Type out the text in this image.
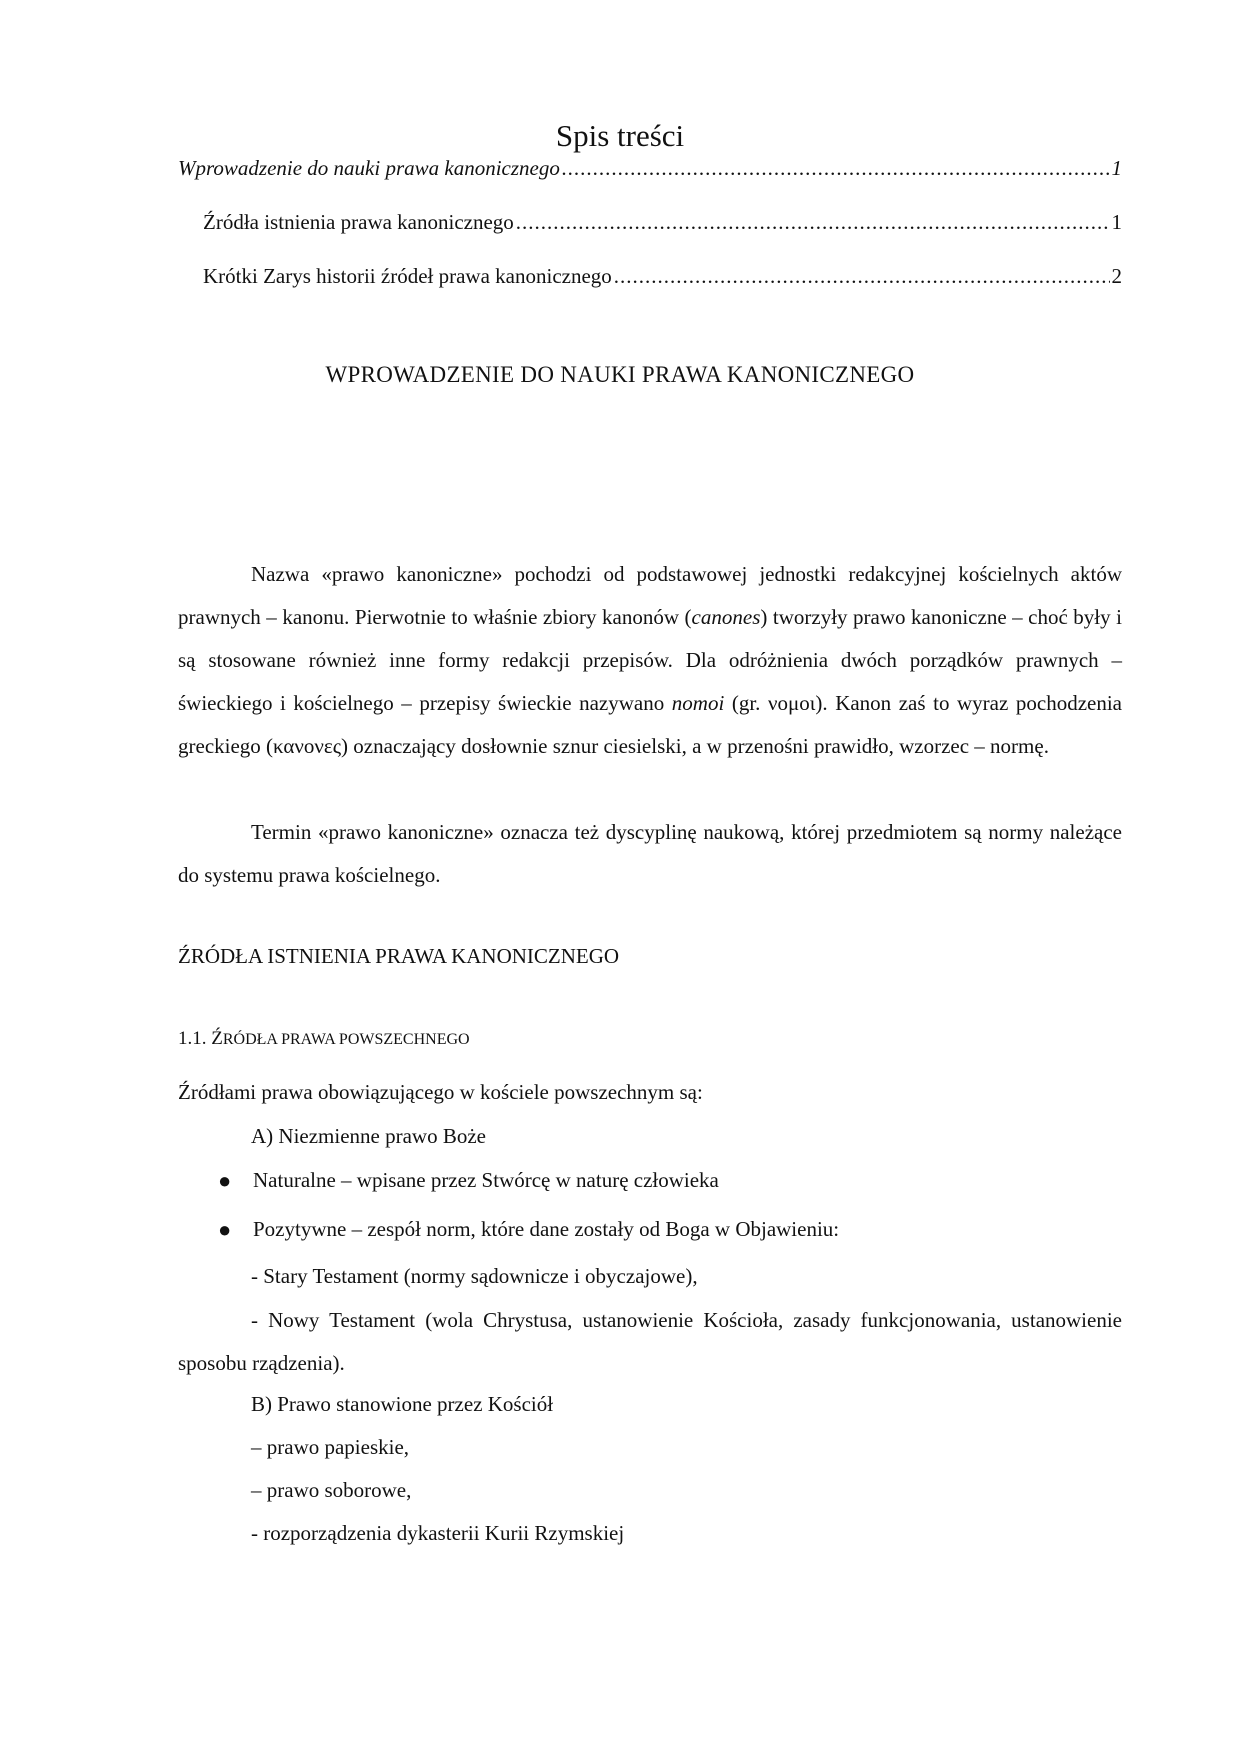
Spis treści
Wprowadzenie do nauki prawa kanonicznego .....	1
Źródła istnienia prawa kanonicznego .....	1
Krótki Zarys historii źródeł prawa kanonicznego .....	2
WPROWADZENIE DO NAUKI PRAWA KANONICZNEGO
Nazwa «prawo kanoniczne» pochodzi od podstawowej jednostki redakcyjnej kościelnych aktów prawnych – kanonu. Pierwotnie to właśnie zbiory kanonów (canones) tworzyły prawo kanoniczne – choć były i są stosowane również inne formy redakcji przepisów. Dla odróżnienia dwóch porządków prawnych – świeckiego i kościelnego – przepisy świeckie nazywano nomoi (gr. νομοι). Kanon zaś to wyraz pochodzenia greckiego (κανονες) oznaczający dosłownie sznur ciesielski, a w przenośni prawidło, wzorzec – normę.
Termin «prawo kanoniczne» oznacza też dyscyplinę naukową, której przedmiotem są normy należące do systemu prawa kościelnego.
ŹRÓDŁA ISTNIENIA PRAWA KANONICZNEGO
1.1. ŹRÓDŁA PRAWA POWSZECHNEGO
Źródłami prawa obowiązującego w kościele powszechnym są:
A) Niezmienne prawo Boże
● Naturalne – wpisane przez Stwórcę w naturę człowieka
● Pozytywne – zespół norm, które dane zostały od Boga w Objawieniu:
- Stary Testament (normy sądownicze i obyczajowe),
- Nowy Testament (wola Chrystusa, ustanowienie Kościoła, zasady funkcjonowania, ustanowienie sposobu rządzenia).
B) Prawo stanowione przez Kościół
– prawo papieskie,
– prawo soborowe,
- rozporządzenia dykasterii Kurii Rzymskiej
